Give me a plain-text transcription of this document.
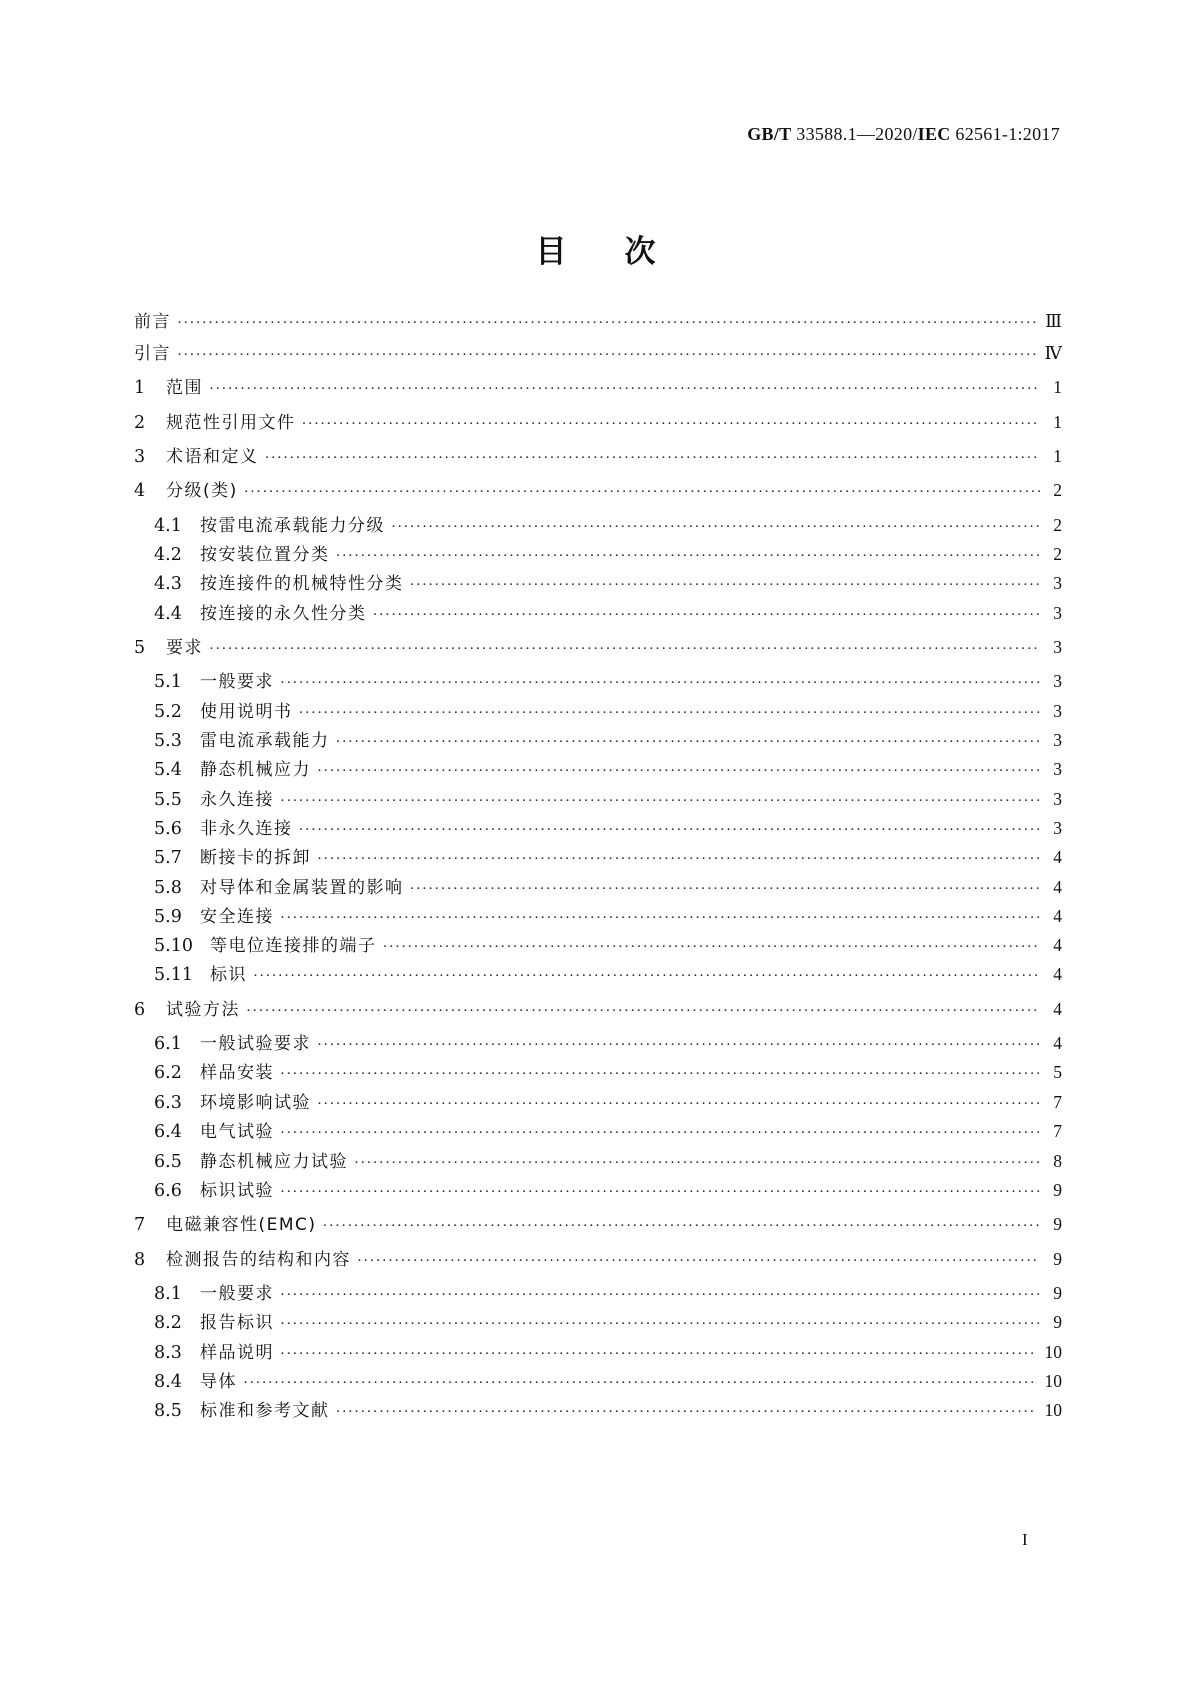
GB/T 33588.1—2020/IEC 62561-1:2017
目次
前言 ·····	Ⅲ
引言 ·····	Ⅳ
1	范围 ·····	1
2	规范性引用文件 ·····	1
3	术语和定义 ·····	1
4	分级(类) ·····	2
4.1	按雷电流承载能力分级 ·····	2
4.2	按安装位置分类 ·····	2
4.3	按连接件的机械特性分类 ·····	3
4.4	按连接的永久性分类 ·····	3
5	要求 ·····	3
5.1	一般要求 ·····	3
5.2	使用说明书 ·····	3
5.3	雷电流承载能力 ·····	3
5.4	静态机械应力 ·····	3
5.5	永久连接 ·····	3
5.6	非永久连接 ·····	3
5.7	断接卡的拆卸 ·····	4
5.8	对导体和金属装置的影响 ·····	4
5.9	安全连接 ·····	4
5.10	等电位连接排的端子 ·····	4
5.11	标识 ·····	4
6	试验方法 ·····	4
6.1	一般试验要求 ·····	4
6.2	样品安装 ·····	5
6.3	环境影响试验 ·····	7
6.4	电气试验 ·····	7
6.5	静态机械应力试验 ·····	8
6.6	标识试验 ·····	9
7	电磁兼容性(EMC) ·····	9
8	检测报告的结构和内容 ·····	9
8.1	一般要求 ·····	9
8.2	报告标识 ·····	9
8.3	样品说明 ·····	10
8.4	导体 ·····	10
8.5	标准和参考文献 ·····	10
I
